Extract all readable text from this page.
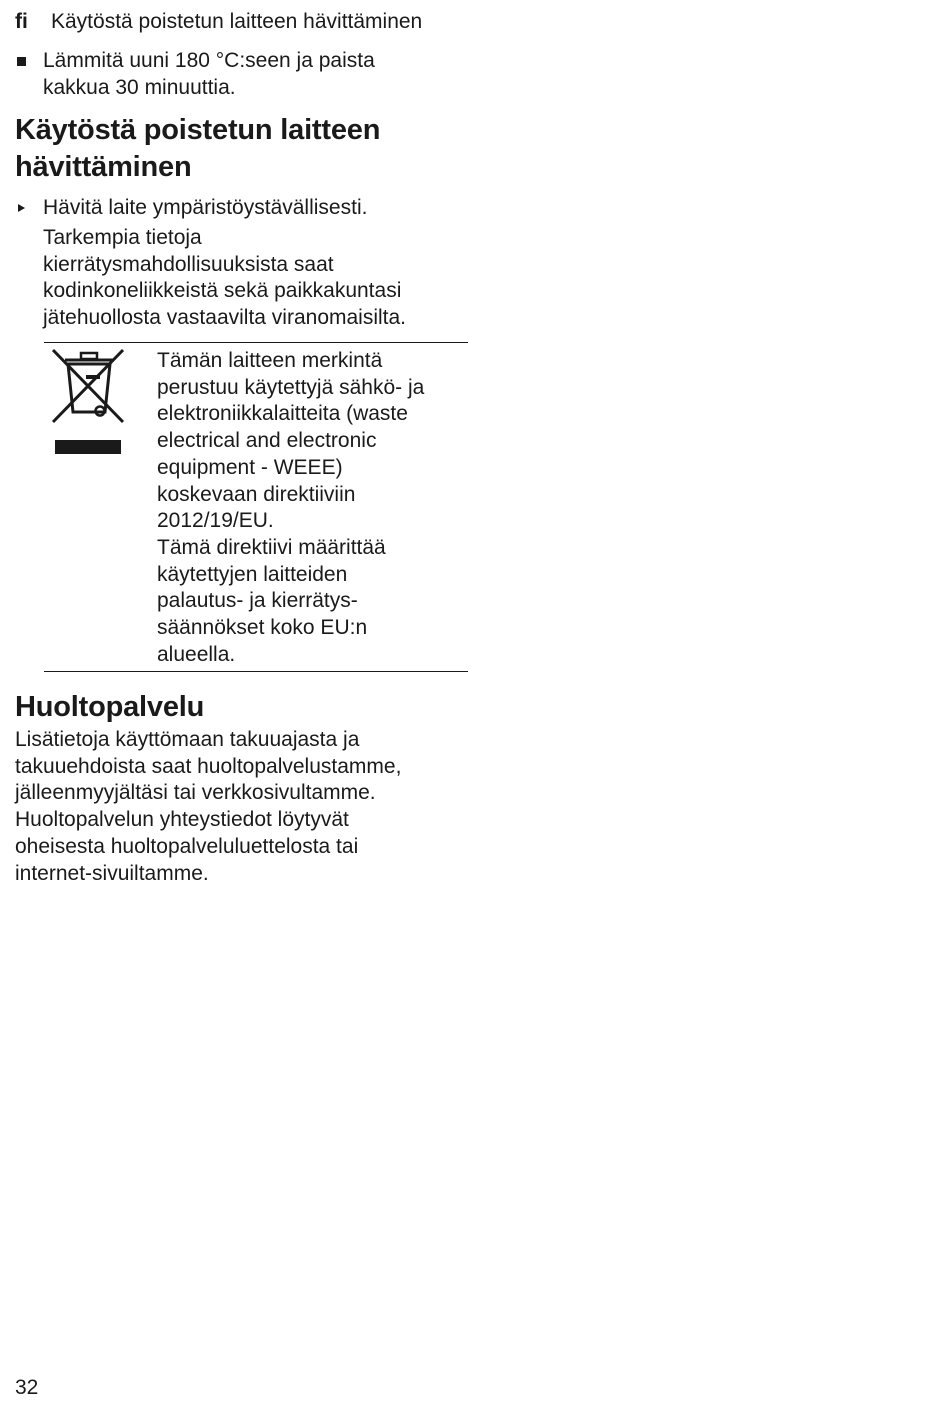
fi Käytöstä poistetun laitteen hävittäminen
Lämmitä uuni 180 °C:seen ja paista
kakkua 30 minuuttia.
Käytöstä poistetun laitteen
hävittäminen
Hävitä laite ympäristöystävällisesti.
Tarkempia tietoja
kierrätysmahdollisuuksista saat
kodinkoneliikkeistä sekä paikkakuntasi
jätehuollosta vastaavilta viranomaisilta.
Tämän laitteen merkintä
perustuu käytettyjä sähkö- ja
elektroniikkalaitteita (waste
electrical and electronic
equipment - WEEE)
koskevaan direktiiviin
2012/19/EU.
Tämä direktiivi määrittää
käytettyjen laitteiden
palautus- ja kierrätys-
säännökset koko EU:n
alueella.
Huoltopalvelu
Lisätietoja käyttömaan takuuajasta ja
takuuehdoista saat huoltopalvelustamme,
jälleenmyyjältäsi tai verkkosivultamme.
Huoltopalvelun yhteystiedot löytyvät
oheisesta huoltopalveluluettelosta tai
internet-sivuiltamme.
32
